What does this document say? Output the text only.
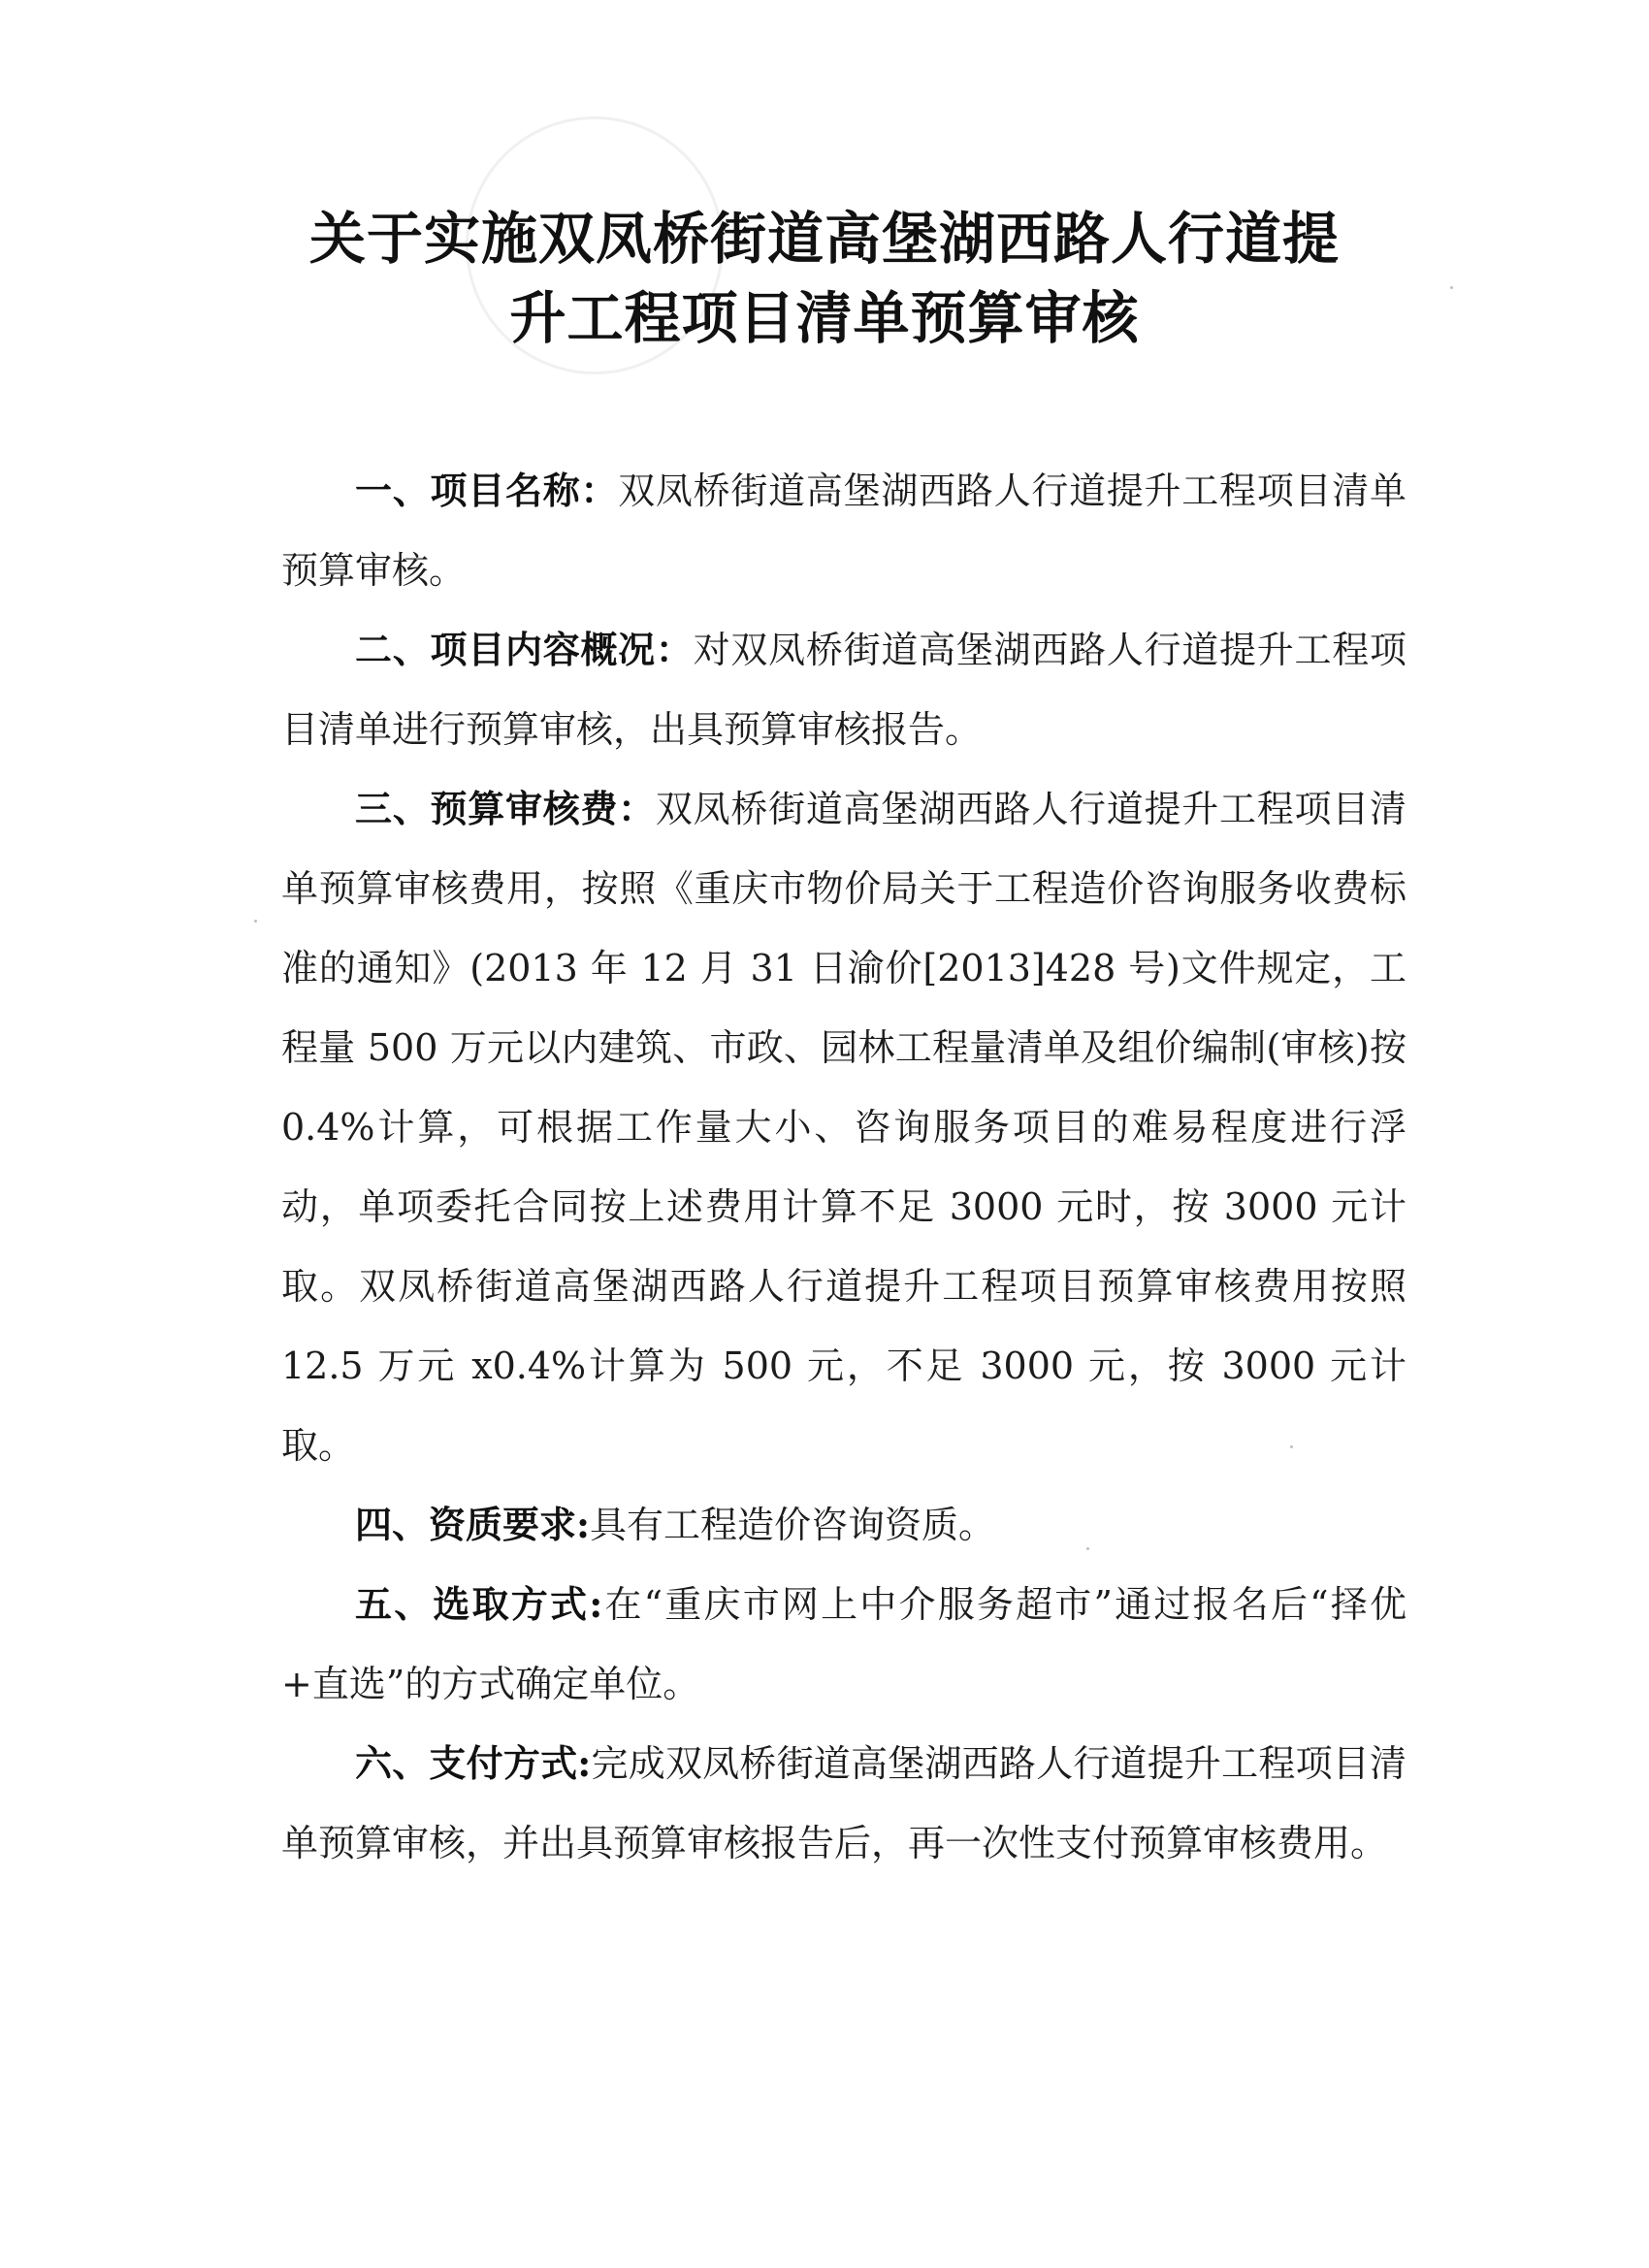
关于实施双凤桥街道高堡湖西路人行道提
升工程项目清单预算审核

一、项目名称：双凤桥街道高堡湖西路人行道提升工程项目清单预算审核。

二、项目内容概况：对双凤桥街道高堡湖西路人行道提升工程项目清单进行预算审核，出具预算审核报告。

三、预算审核费：双凤桥街道高堡湖西路人行道提升工程项目清单预算审核费用，按照《重庆市物价局关于工程造价咨询服务收费标准的通知》(2013 年 12 月 31 日渝价[2013]428 号)文件规定，工程量 500 万元以内建筑、市政、园林工程量清单及组价编制(审核)按 0.4%计算，可根据工作量大小、咨询服务项目的难易程度进行浮动，单项委托合同按上述费用计算不足 3000 元时，按 3000 元计取。双凤桥街道高堡湖西路人行道提升工程项目预算审核费用按照 12.5 万元 x0.4%计算为 500 元，不足 3000 元，按 3000 元计取。

四、资质要求:具有工程造价咨询资质。

五、选取方式:在“重庆市网上中介服务超市”通过报名后“择优+直选”的方式确定单位。

六、支付方式:完成双凤桥街道高堡湖西路人行道提升工程项目清单预算审核，并出具预算审核报告后，再一次性支付预算审核费用。
